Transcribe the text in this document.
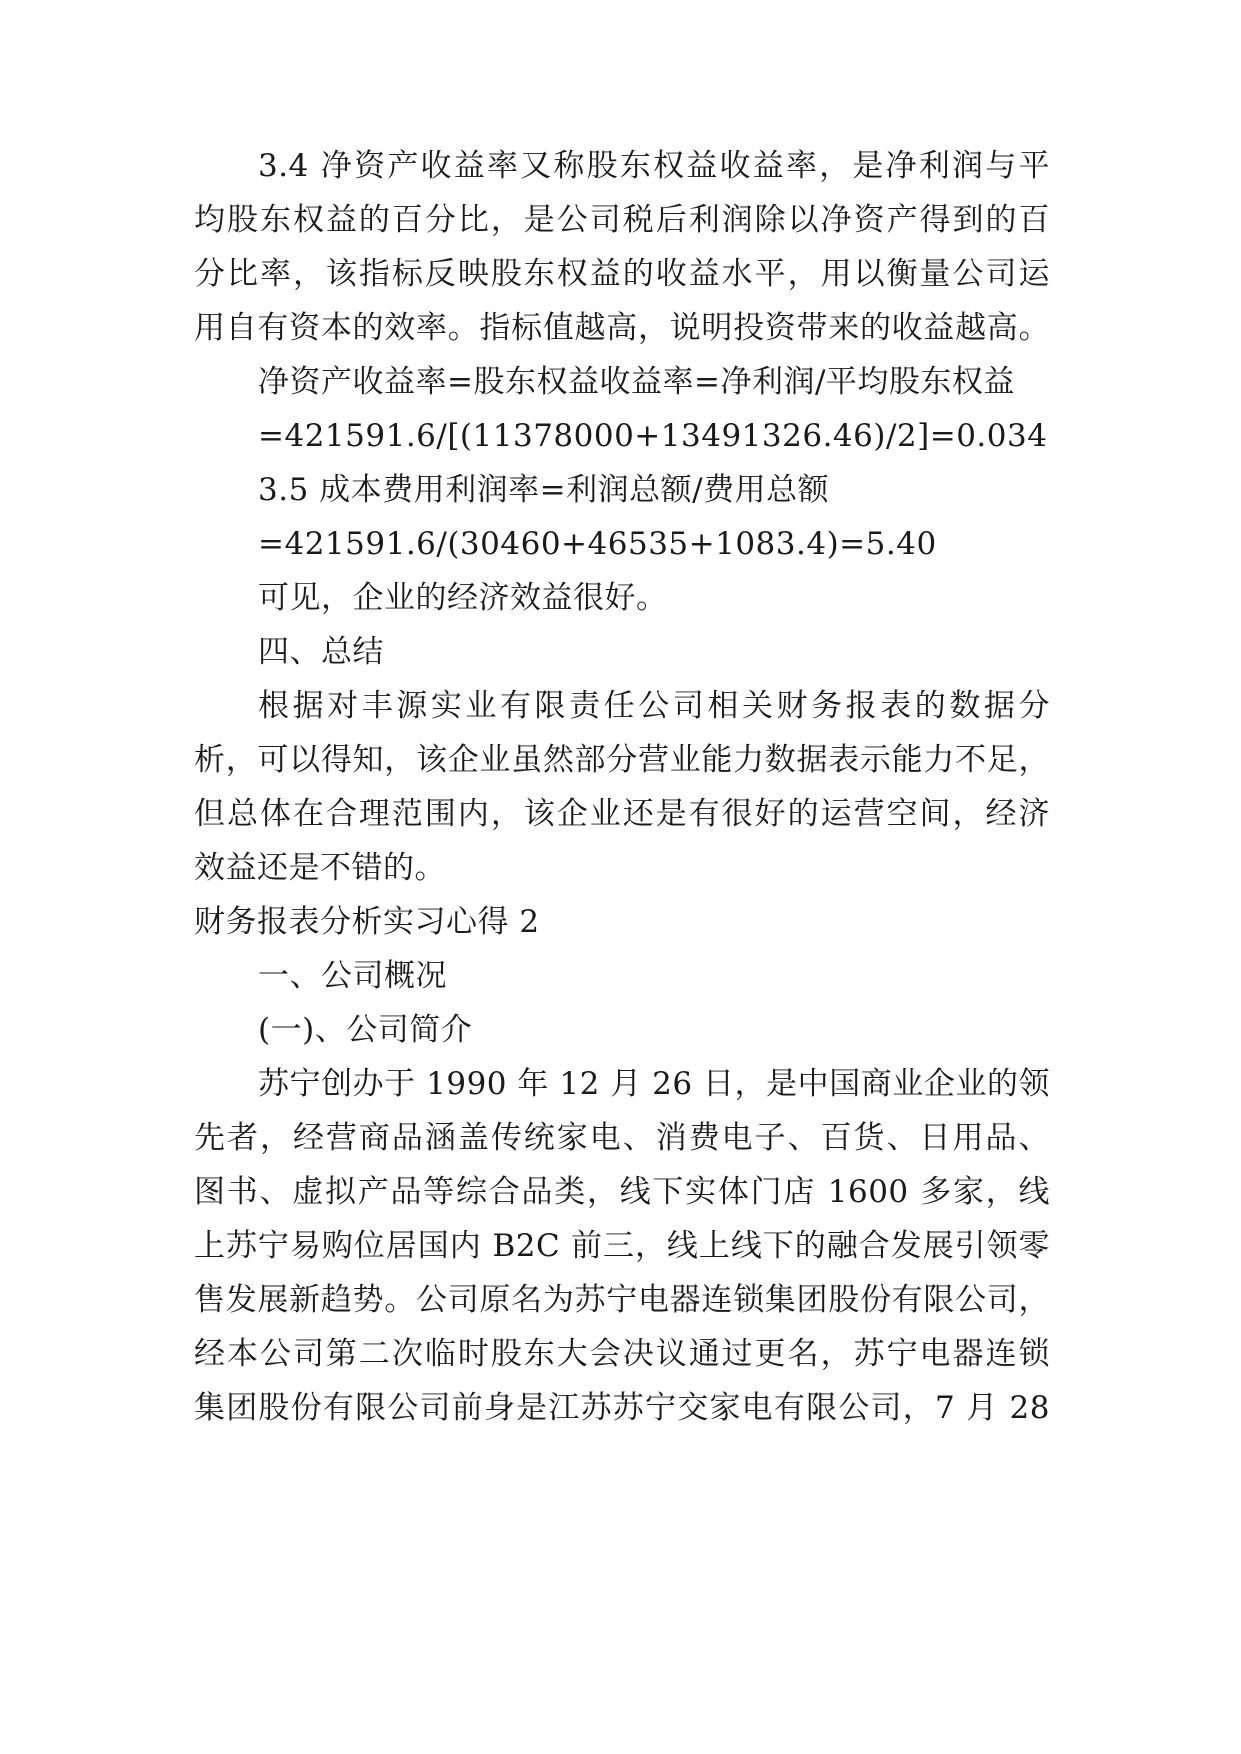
3.4 净资产收益率又称股东权益收益率，是净利润与平
均股东权益的百分比，是公司税后利润除以净资产得到的百
分比率，该指标反映股东权益的收益水平，用以衡量公司运
用自有资本的效率。指标值越高，说明投资带来的收益越高。
净资产收益率=股东权益收益率=净利润/平均股东权益
=421591.6/[(11378000+13491326.46)/2]=0.034
3.5 成本费用利润率=利润总额/费用总额
=421591.6/(30460+46535+1083.4)=5.40
可见，企业的经济效益很好。
四、总结
根据对丰源实业有限责任公司相关财务报表的数据分
析，可以得知，该企业虽然部分营业能力数据表示能力不足，
但总体在合理范围内，该企业还是有很好的运营空间，经济
效益还是不错的。
财务报表分析实习心得 2
一、公司概况
(一)、公司简介
苏宁创办于 1990 年 12 月 26 日，是中国商业企业的领
先者，经营商品涵盖传统家电、消费电子、百货、日用品、
图书、虚拟产品等综合品类，线下实体门店 1600 多家，线
上苏宁易购位居国内 B2C 前三，线上线下的融合发展引领零
售发展新趋势。公司原名为苏宁电器连锁集团股份有限公司，
经本公司第二次临时股东大会决议通过更名，苏宁电器连锁
集团股份有限公司前身是江苏苏宁交家电有限公司，7 月 28
